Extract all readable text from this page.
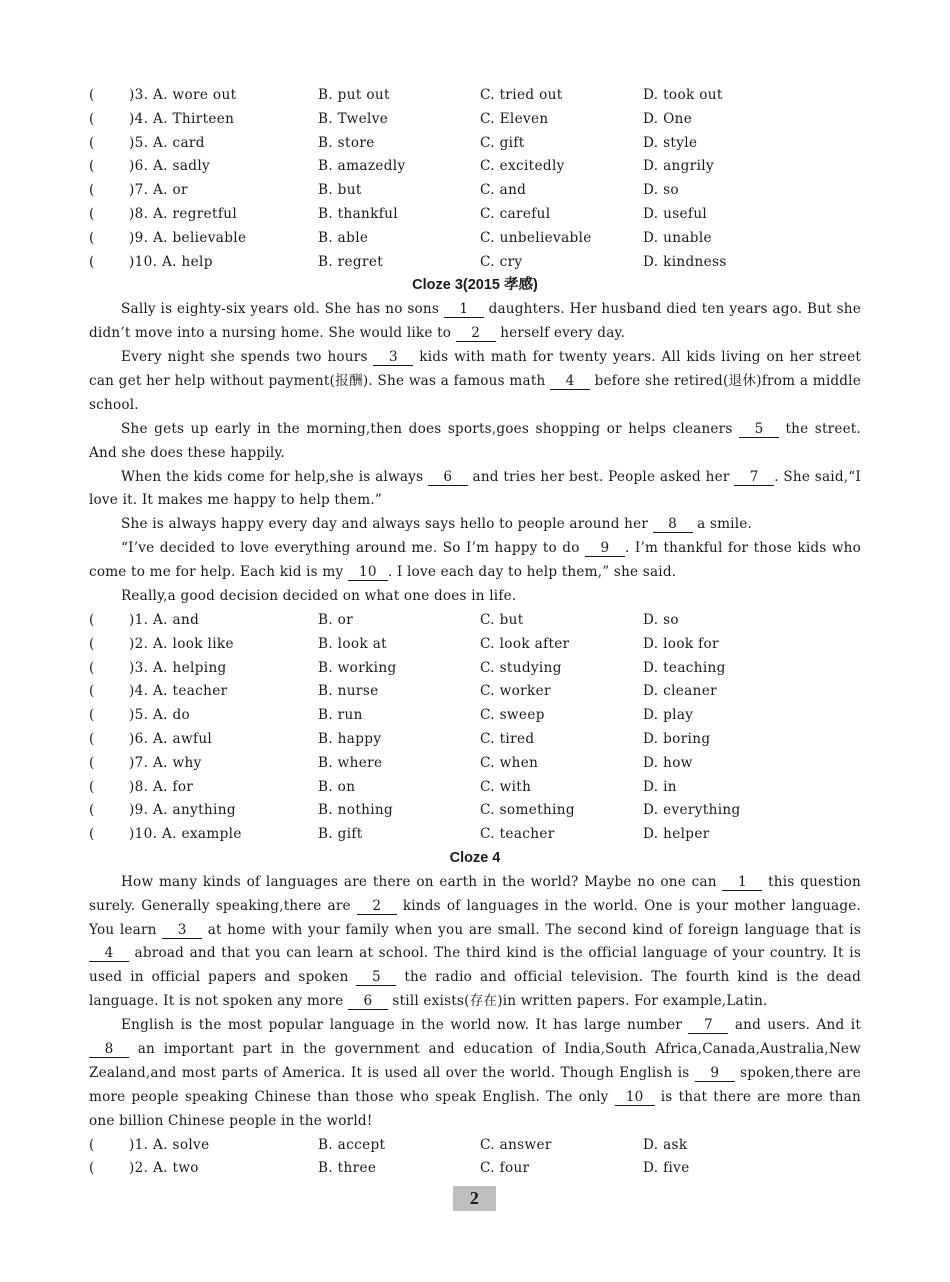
(	)3. A. wore out	B. put out	C. tried out	D. took out
(	)4. A. Thirteen	B. Twelve	C. Eleven	D. One
(	)5. A. card	B. store	C. gift	D. style
(	)6. A. sadly	B. amazedly	C. excitedly	D. angrily
(	)7. A. or	B. but	C. and	D. so
(	)8. A. regretful	B. thankful	C. careful	D. useful
(	)9. A. believable	B. able	C. unbelievable	D. unable
(	)10. A. help	B. regret	C. cry	D. kindness
Cloze 3(2015 孝感)
Sally is eighty-six years old. She has no sons 1 daughters. Her husband died ten years ago. But she didn’t move into a nursing home. She would like to 2 herself every day.
Every night she spends two hours 3 kids with math for twenty years. All kids living on her street can get her help without payment(报酬). She was a famous math 4 before she retired(退休)from a middle school.
She gets up early in the morning,then does sports,goes shopping or helps cleaners 5 the street. And she does these happily.
When the kids come for help,she is always 6 and tries her best. People asked her 7 . She said,“I love it. It makes me happy to help them.”
She is always happy every day and always says hello to people around her 8 a smile.
“I’ve decided to love everything around me. So I’m happy to do 9 . I’m thankful for those kids who come to me for help. Each kid is my 10 . I love each day to help them,” she said.
Really,a good decision decided on what one does in life.
(	)1. A. and	B. or	C. but	D. so
(	)2. A. look like	B. look at	C. look after	D. look for
(	)3. A. helping	B. working	C. studying	D. teaching
(	)4. A. teacher	B. nurse	C. worker	D. cleaner
(	)5. A. do	B. run	C. sweep	D. play
(	)6. A. awful	B. happy	C. tired	D. boring
(	)7. A. why	B. where	C. when	D. how
(	)8. A. for	B. on	C. with	D. in
(	)9. A. anything	B. nothing	C. something	D. everything
(	)10. A. example	B. gift	C. teacher	D. helper
Cloze 4
How many kinds of languages are there on earth in the world? Maybe no one can 1 this question surely. Generally speaking,there are 2 kinds of languages in the world. One is your mother language. You learn 3 at home with your family when you are small. The second kind of foreign language that is 4 abroad and that you can learn at school. The third kind is the official language of your country. It is used in official papers and spoken 5 the radio and official television. The fourth kind is the dead language. It is not spoken any more 6 still exists(存在)in written papers. For example,Latin.
English is the most popular language in the world now. It has large number 7 and users. And it 8 an important part in the government and education of India,South Africa,Canada,Australia,New Zealand,and most parts of America. It is used all over the world. Though English is 9 spoken,there are more people speaking Chinese than those who speak English. The only 10 is that there are more than one billion Chinese people in the world!
(	)1. A. solve	B. accept	C. answer	D. ask
(	)2. A. two	B. three	C. four	D. five
2
